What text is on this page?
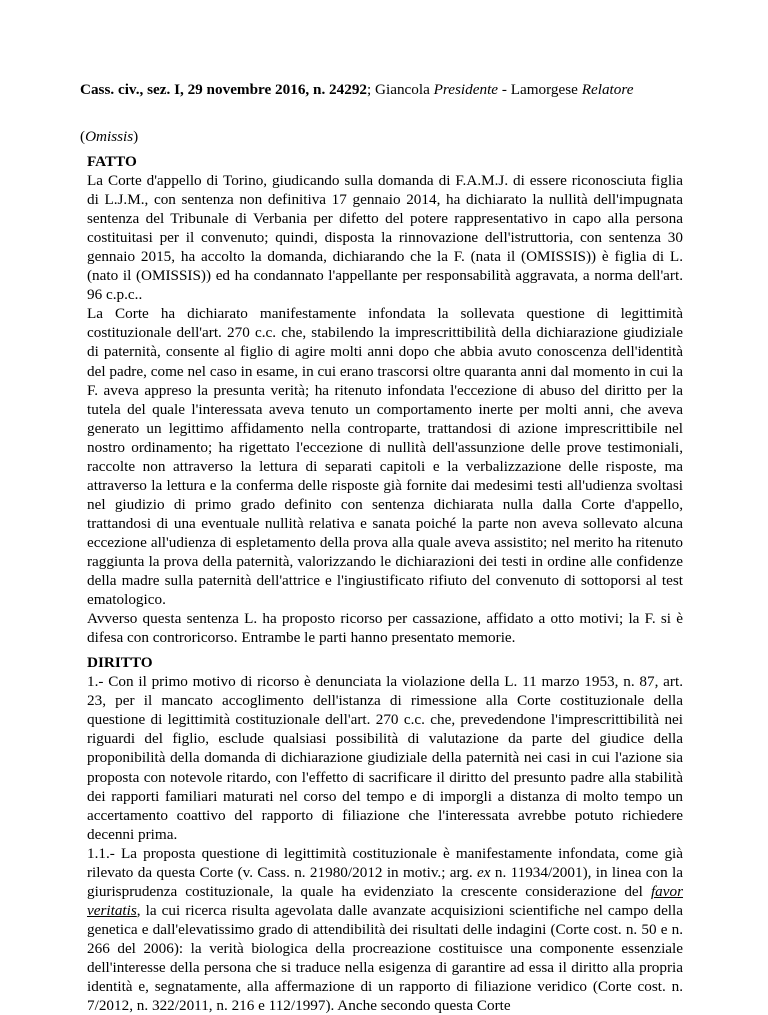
Cass. civ., sez. I, 29 novembre 2016, n. 24292; Giancola Presidente - Lamorgese Relatore
(Omissis)

FATTO

La Corte d'appello di Torino, giudicando sulla domanda di F.A.M.J. di essere riconosciuta figlia di L.J.M., con sentenza non definitiva 17 gennaio 2014, ha dichiarato la nullità dell'impugnata sentenza del Tribunale di Verbania per difetto del potere rappresentativo in capo alla persona costituitasi per il convenuto; quindi, disposta la rinnovazione dell'istruttoria, con sentenza 30 gennaio 2015, ha accolto la domanda, dichiarando che la F. (nata il (OMISSIS)) è figlia di L. (nato il (OMISSIS)) ed ha condannato l'appellante per responsabilità aggravata, a norma dell'art. 96 c.p.c..

La Corte ha dichiarato manifestamente infondata la sollevata questione di legittimità costituzionale dell'art. 270 c.c. che, stabilendo la imprescrittibilità della dichiarazione giudiziale di paternità, consente al figlio di agire molti anni dopo che abbia avuto conoscenza dell'identità del padre, come nel caso in esame, in cui erano trascorsi oltre quaranta anni dal momento in cui la F. aveva appreso la presunta verità; ha ritenuto infondata l'eccezione di abuso del diritto per la tutela del quale l'interessata aveva tenuto un comportamento inerte per molti anni, che aveva generato un legittimo affidamento nella controparte, trattandosi di azione imprescrittibile nel nostro ordinamento; ha rigettato l'eccezione di nullità dell'assunzione delle prove testimoniali, raccolte non attraverso la lettura di separati capitoli e la verbalizzazione delle risposte, ma attraverso la lettura e la conferma delle risposte già fornite dai medesimi testi all'udienza svoltasi nel giudizio di primo grado definito con sentenza dichiarata nulla dalla Corte d'appello, trattandosi di una eventuale nullità relativa e sanata poiché la parte non aveva sollevato alcuna eccezione all'udienza di espletamento della prova alla quale aveva assistito; nel merito ha ritenuto raggiunta la prova della paternità, valorizzando le dichiarazioni dei testi in ordine alle confidenze della madre sulla paternità dell'attrice e l'ingiustificato rifiuto del convenuto di sottoporsi al test ematologico.

Avverso questa sentenza L. ha proposto ricorso per cassazione, affidato a otto motivi; la F. si è difesa con controricorso. Entrambe le parti hanno presentato memorie.

DIRITTO

1.- Con il primo motivo di ricorso è denunciata la violazione della L. 11 marzo 1953, n. 87, art. 23, per il mancato accoglimento dell'istanza di rimessione alla Corte costituzionale della questione di legittimità costituzionale dell'art. 270 c.c. che, prevedendone l'imprescrittibilità nei riguardi del figlio, esclude qualsiasi possibilità di valutazione da parte del giudice della proponibilità della domanda di dichiarazione giudiziale della paternità nei casi in cui l'azione sia proposta con notevole ritardo, con l'effetto di sacrificare il diritto del presunto padre alla stabilità dei rapporti familiari maturati nel corso del tempo e di imporgli a distanza di molto tempo un accertamento coattivo del rapporto di filiazione che l'interessata avrebbe potuto richiedere decenni prima.

1.1.- La proposta questione di legittimità costituzionale è manifestamente infondata, come già rilevato da questa Corte (v. Cass. n. 21980/2012 in motiv.; arg. ex n. 11934/2001), in linea con la giurisprudenza costituzionale, la quale ha evidenziato la crescente considerazione del favor veritatis, la cui ricerca risulta agevolata dalle avanzate acquisizioni scientifiche nel campo della genetica e dall'elevatissimo grado di attendibilità dei risultati delle indagini (Corte cost. n. 50 e n. 266 del 2006): la verità biologica della procreazione costituisce una componente essenziale dell'interesse della persona che si traduce nella esigenza di garantire ad essa il diritto alla propria identità e, segnatamente, alla affermazione di un rapporto di filiazione veridico (Corte cost. n. 7/2012, n. 322/2011, n. 216 e 112/1997). Anche secondo questa Corte
